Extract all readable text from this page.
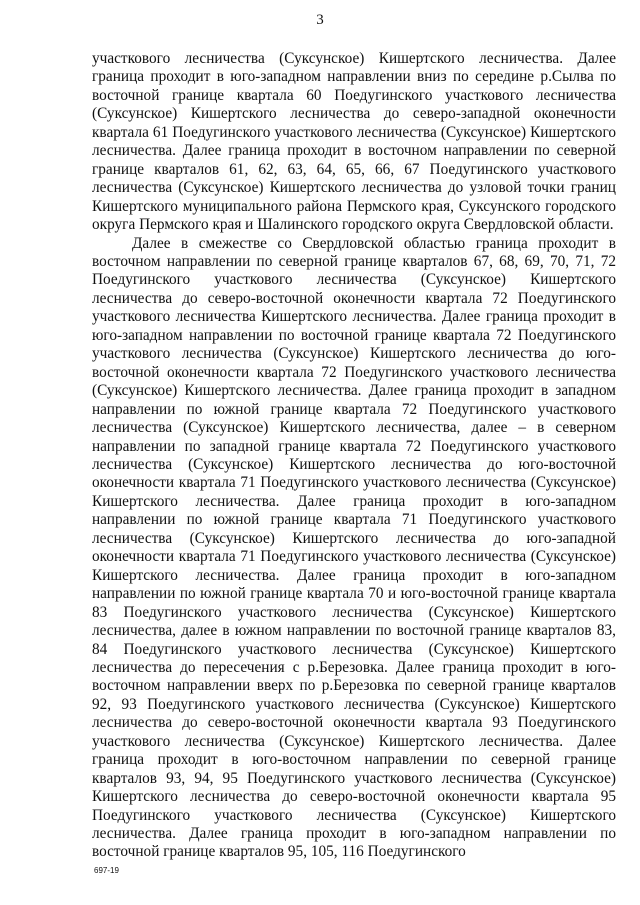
3

участкового лесничества (Суксунское) Кишертского лесничества. Далее граница проходит в юго-западном направлении вниз по середине р.Сылва по восточной границе квартала 60 Поедугинского участкового лесничества (Суксунское) Кишертского лесничества до северо-западной оконечности квартала 61 Поедугинского участкового лесничества (Суксунское) Кишертского лесничества. Далее граница проходит в восточном направлении по северной границе кварталов 61, 62, 63, 64, 65, 66, 67 Поедугинского участкового лесничества (Суксунское) Кишертского лесничества до узловой точки границ Кишертского муниципального района Пермского края, Суксунского городского округа Пермского края и Шалинского городского округа Свердловской области.

Далее в смежестве со Свердловской областью граница проходит в восточном направлении по северной границе кварталов 67, 68, 69, 70, 71, 72 Поедугинского участкового лесничества (Суксунское) Кишертского лесничества до северо-восточной оконечности квартала 72 Поедугинского участкового лесничества Кишертского лесничества. Далее граница проходит в юго-западном направлении по восточной границе квартала 72 Поедугинского участкового лесничества (Суксунское) Кишертского лесничества до юго-восточной оконечности квартала 72 Поедугинского участкового лесничества (Суксунское) Кишертского лесничества. Далее граница проходит в западном направлении по южной границе квартала 72 Поедугинского участкового лесничества (Суксунское) Кишертского лесничества, далее – в северном направлении по западной границе квартала 72 Поедугинского участкового лесничества (Суксунское) Кишертского лесничества до юго-восточной оконечности квартала 71 Поедугинского участкового лесничества (Суксунское) Кишертского лесничества. Далее граница проходит в юго-западном направлении по южной границе квартала 71 Поедугинского участкового лесничества (Суксунское) Кишертского лесничества до юго-западной оконечности квартала 71 Поедугинского участкового лесничества (Суксунское) Кишертского лесничества. Далее граница проходит в юго-западном направлении по южной границе квартала 70 и юго-восточной границе квартала 83 Поедугинского участкового лесничества (Суксунское) Кишертского лесничества, далее в южном направлении по восточной границе кварталов 83, 84 Поедугинского участкового лесничества (Суксунское) Кишертского лесничества до пересечения с р.Березовка. Далее граница проходит в юго-восточном направлении вверх по р.Березовка по северной границе кварталов 92, 93 Поедугинского участкового лесничества (Суксунское) Кишертского лесничества до северо-восточной оконечности квартала 93 Поедугинского участкового лесничества (Суксунское) Кишертского лесничества. Далее граница проходит в юго-восточном направлении по северной границе кварталов 93, 94, 95 Поедугинского участкового лесничества (Суксунское) Кишертского лесничества до северо-восточной оконечности квартала 95 Поедугинского участкового лесничества (Суксунское) Кишертского лесничества. Далее граница проходит в юго-западном направлении по восточной границе кварталов 95, 105, 116 Поедугинского

697-19
